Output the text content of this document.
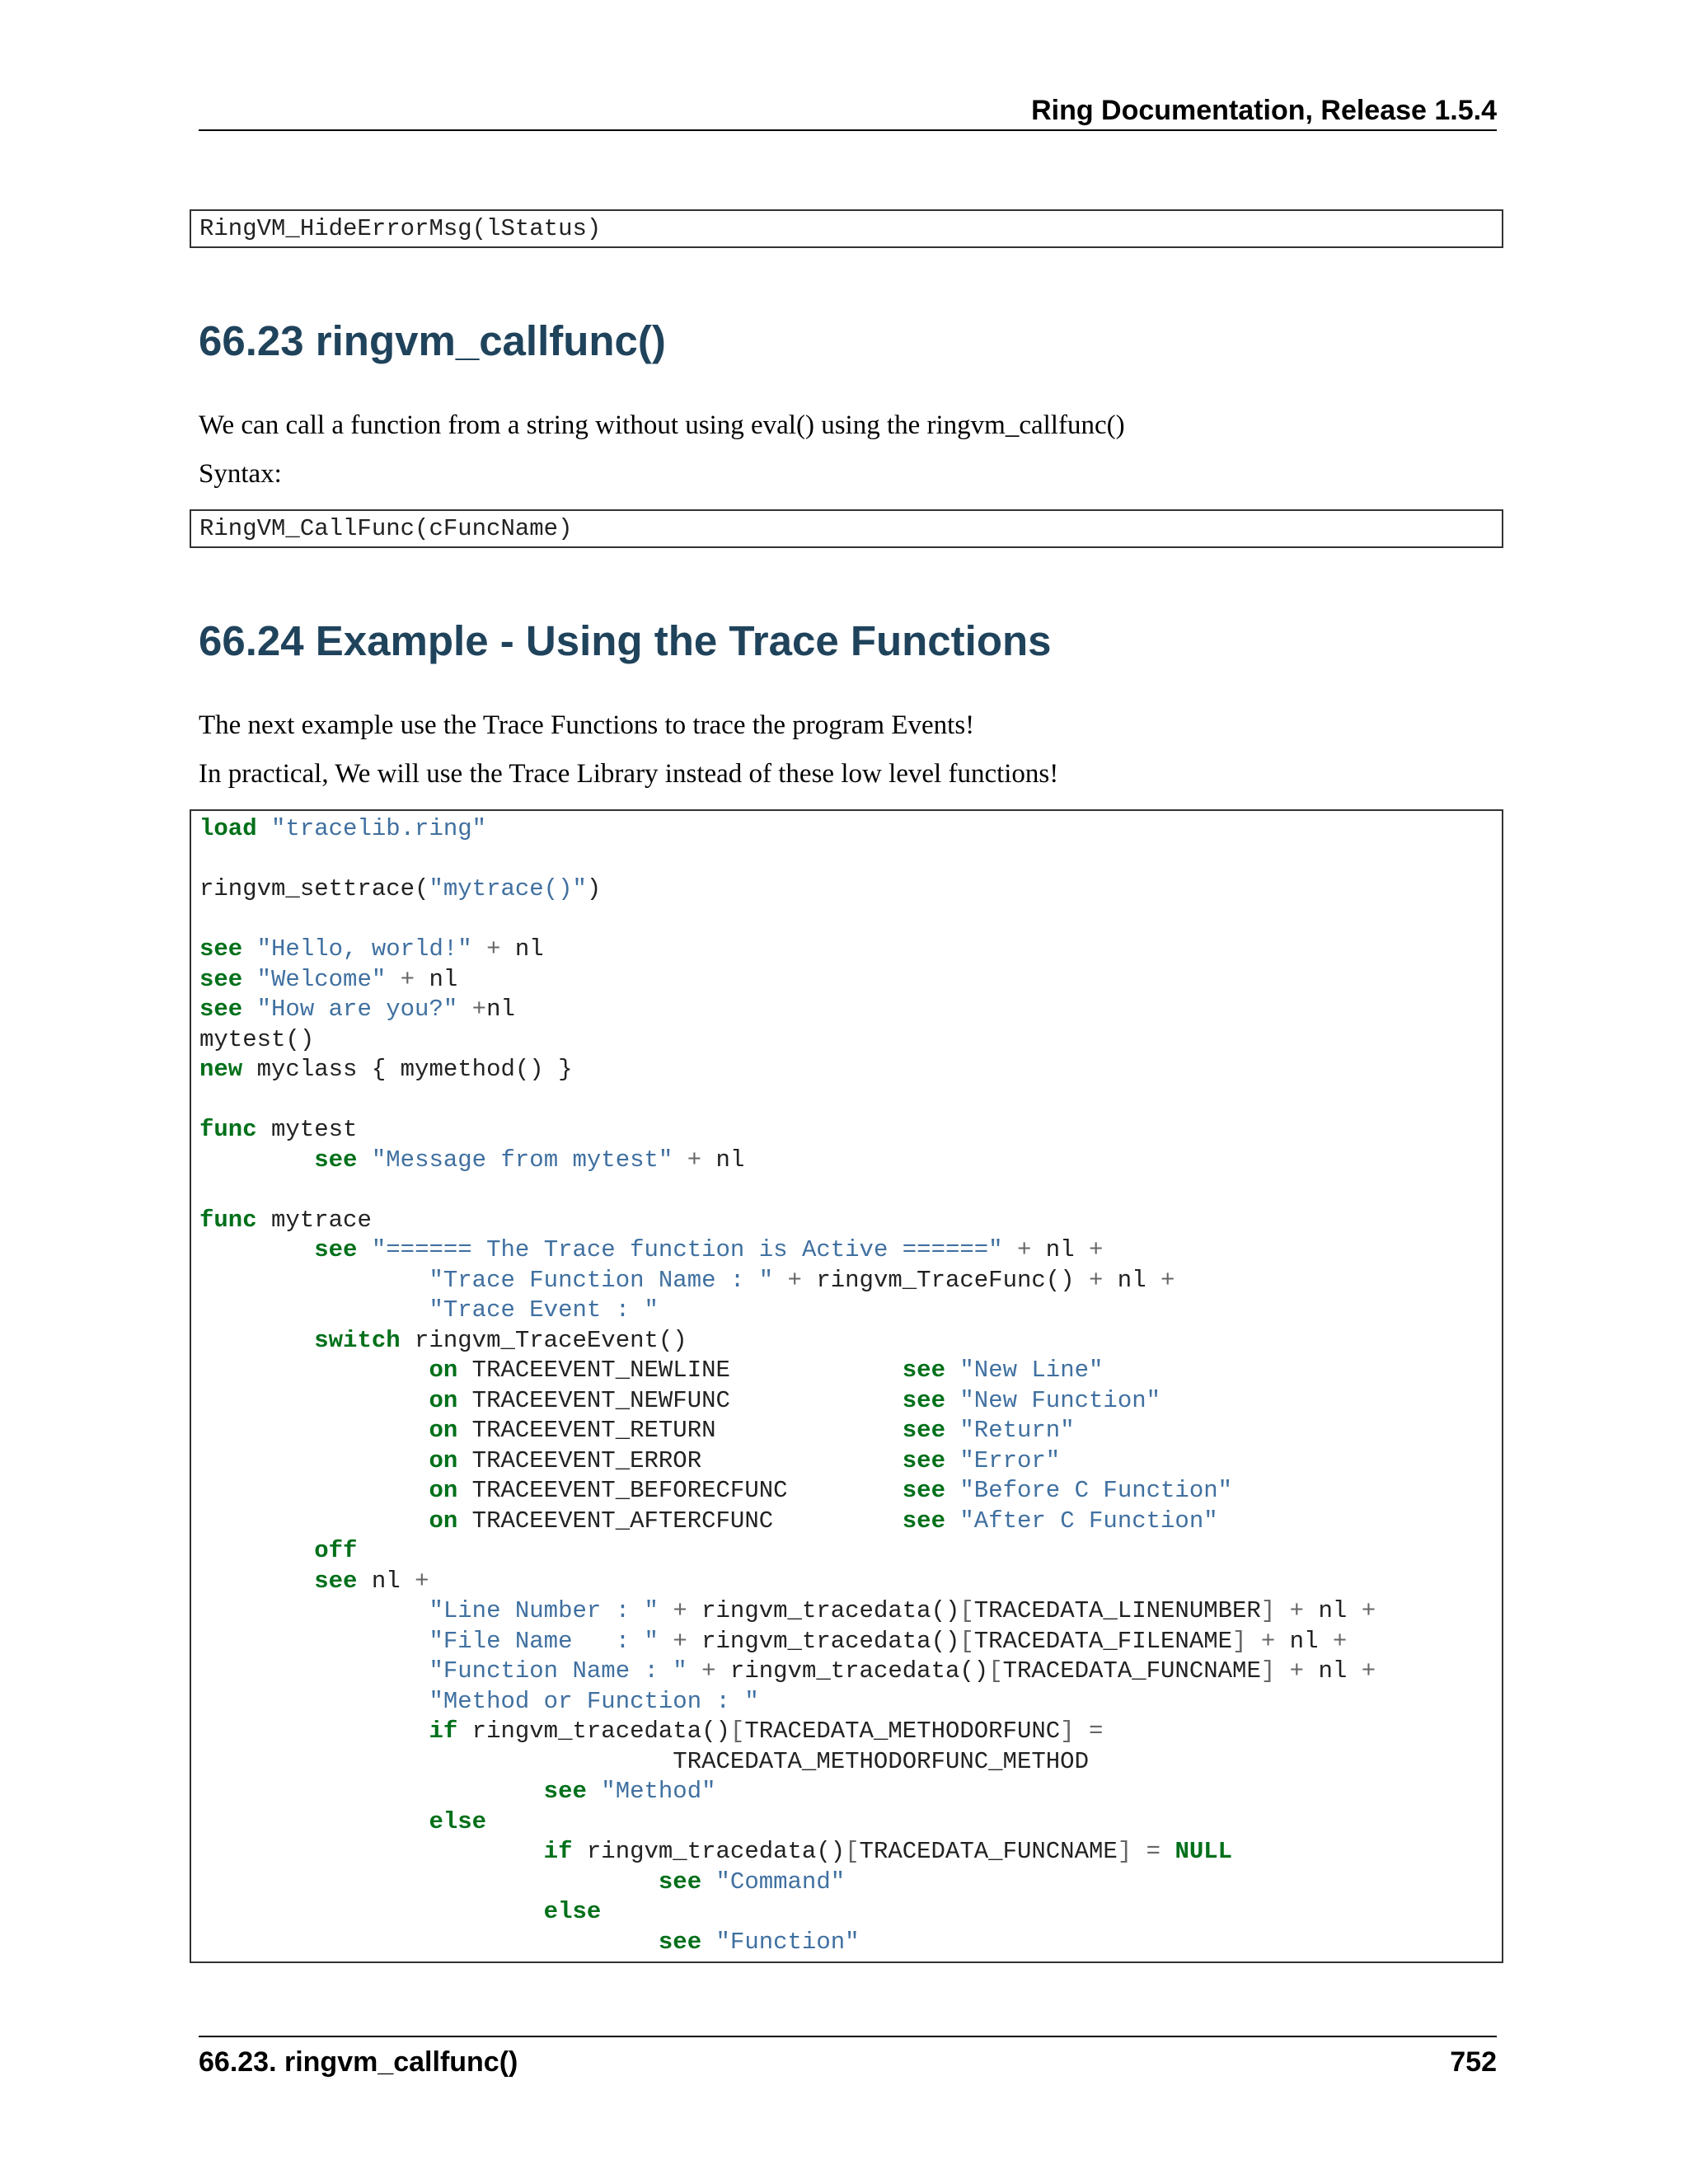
Ring Documentation, Release 1.5.4
RingVM_HideErrorMsg(lStatus)
66.23 ringvm_callfunc()

We can call a function from a string without using eval() using the ringvm_callfunc()

Syntax:

RingVM_CallFunc(cFuncName)
66.24 Example - Using the Trace Functions

The next example use the Trace Functions to trace the program Events!

In practical, We will use the Trace Library instead of these low level functions!

load "tracelib.ring"

ringvm_settrace("mytrace()")

see "Hello, world!" + nl
see "Welcome" + nl
see "How are you?" +nl
mytest()
new myclass { mymethod() }

func mytest
see "Message from mytest" + nl

func mytrace
see "====== The Trace function is Active ======" + nl +
"Trace Function Name : " + ringvm_TraceFunc() + nl +
"Trace Event : "
switch ringvm_TraceEvent()
on TRACEEVENT_NEWLINE            see "New Line"
on TRACEEVENT_NEWFUNC            see "New Function"
on TRACEEVENT_RETURN             see "Return"
on TRACEEVENT_ERROR              see "Error"
on TRACEEVENT_BEFORECFUNC        see "Before C Function"
on TRACEEVENT_AFTERCFUNC         see "After C Function"
off
see nl +
"Line Number : " + ringvm_tracedata()[TRACEDATA_LINENUMBER] + nl +
"File Name   : " + ringvm_tracedata()[TRACEDATA_FILENAME] + nl +
"Function Name : " + ringvm_tracedata()[TRACEDATA_FUNCNAME] + nl +
"Method or Function : "
if ringvm_tracedata()[TRACEDATA_METHODORFUNC] =
TRACEDATA_METHODORFUNC_METHOD
see "Method"
else
if ringvm_tracedata()[TRACEDATA_FUNCNAME] = NULL
see "Command"
else
see "Function"
66.23. ringvm_callfunc()	752
